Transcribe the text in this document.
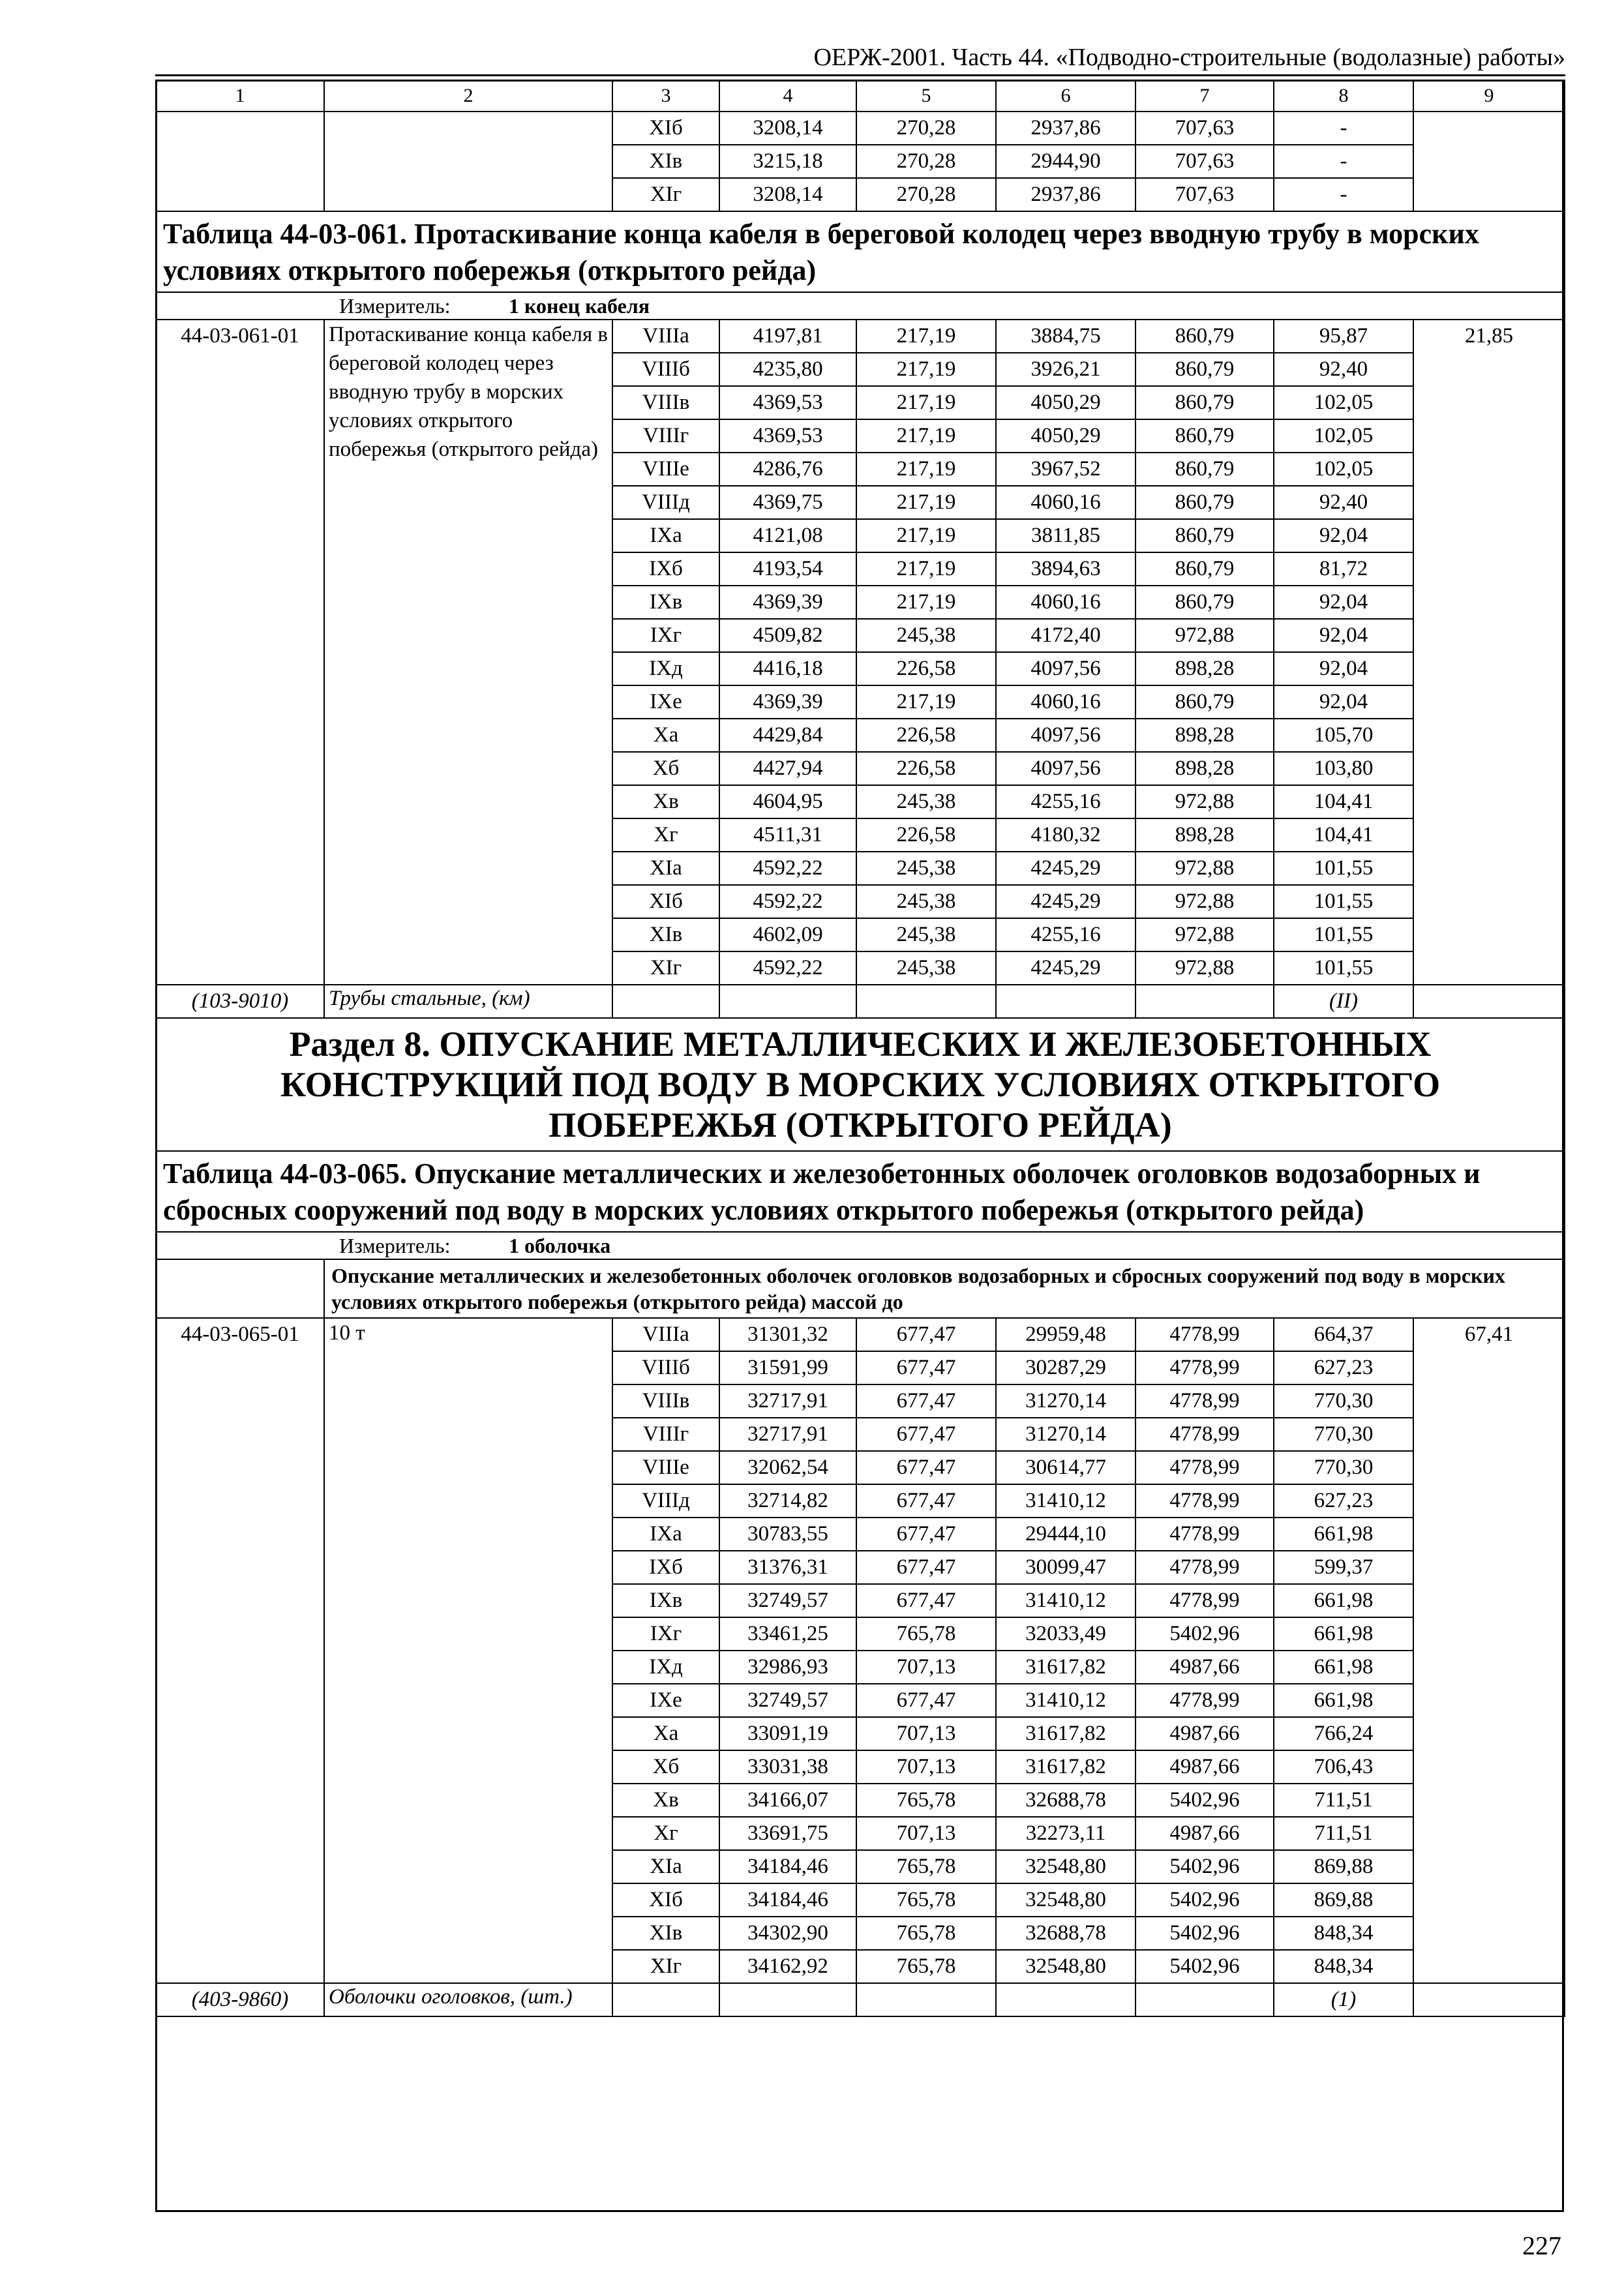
ОЕРЖ-2001. Часть 44. «Подводно-строительные (водолазные) работы»
1	2	3	4	5	6	7	8	9
		XIб	3208,14	270,28	2937,86	707,63	-	
		XIв	3215,18	270,28	2944,90	707,63	-	
		XIг	3208,14	270,28	2937,86	707,63	-	
Таблица 44-03-061. Протаскивание конца кабеля в береговой колодец через вводную трубу в морских условиях открытого побережья (открытого рейда)								
Измеритель: 1 конец кабеля								
44-03-061-01	Протаскивание конца кабеля в береговой колодец через вводную трубу в морских условиях открытого побережья (открытого рейда)	VIIIа	4197,81	217,19	3884,75	860,79	95,87	21,85
		VIIIб	4235,80	217,19	3926,21	860,79	92,40	
		VIIIв	4369,53	217,19	4050,29	860,79	102,05	
		VIIIг	4369,53	217,19	4050,29	860,79	102,05	
		VIIIе	4286,76	217,19	3967,52	860,79	102,05	
		VIIIд	4369,75	217,19	4060,16	860,79	92,40	
		IXа	4121,08	217,19	3811,85	860,79	92,04	
		IXб	4193,54	217,19	3894,63	860,79	81,72	
		IXв	4369,39	217,19	4060,16	860,79	92,04	
		IXг	4509,82	245,38	4172,40	972,88	92,04	
		IXд	4416,18	226,58	4097,56	898,28	92,04	
		IXе	4369,39	217,19	4060,16	860,79	92,04	
		Xа	4429,84	226,58	4097,56	898,28	105,70	
		Xб	4427,94	226,58	4097,56	898,28	103,80	
		Xв	4604,95	245,38	4255,16	972,88	104,41	
		Xг	4511,31	226,58	4180,32	898,28	104,41	
		XIа	4592,22	245,38	4245,29	972,88	101,55	
		XIб	4592,22	245,38	4245,29	972,88	101,55	
		XIв	4602,09	245,38	4255,16	972,88	101,55	
		XIг	4592,22	245,38	4245,29	972,88	101,55	
(103-9010)	Трубы стальные, (км)						(II)	
Раздел 8. ОПУСКАНИЕ МЕТАЛЛИЧЕСКИХ И ЖЕЛЕЗОБЕТОННЫХ КОНСТРУКЦИЙ ПОД ВОДУ В МОРСКИХ УСЛОВИЯХ ОТКРЫТОГО ПОБЕРЕЖЬЯ (ОТКРЫТОГО РЕЙДА)								
Таблица 44-03-065. Опускание металлических и железобетонных оболочек оголовков водозаборных и сбросных сооружений под воду в морских условиях открытого побережья (открытого рейда)								
Измеритель: 1 оболочка								
	Опускание металлических и железобетонных оболочек оголовков водозаборных и сбросных сооружений под воду в морских условиях открытого побережья (открытого рейда) массой до							
44-03-065-01	10 т	VIIIа	31301,32	677,47	29959,48	4778,99	664,37	67,41
		VIIIб	31591,99	677,47	30287,29	4778,99	627,23	
		VIIIв	32717,91	677,47	31270,14	4778,99	770,30	
		VIIIг	32717,91	677,47	31270,14	4778,99	770,30	
		VIIIе	32062,54	677,47	30614,77	4778,99	770,30	
		VIIIд	32714,82	677,47	31410,12	4778,99	627,23	
		IXа	30783,55	677,47	29444,10	4778,99	661,98	
		IXб	31376,31	677,47	30099,47	4778,99	599,37	
		IXв	32749,57	677,47	31410,12	4778,99	661,98	
		IXг	33461,25	765,78	32033,49	5402,96	661,98	
		IXд	32986,93	707,13	31617,82	4987,66	661,98	
		IXе	32749,57	677,47	31410,12	4778,99	661,98	
		Xа	33091,19	707,13	31617,82	4987,66	766,24	
		Xб	33031,38	707,13	31617,82	4987,66	706,43	
		Xв	34166,07	765,78	32688,78	5402,96	711,51	
		Xг	33691,75	707,13	32273,11	4987,66	711,51	
		XIа	34184,46	765,78	32548,80	5402,96	869,88	
		XIб	34184,46	765,78	32548,80	5402,96	869,88	
		XIв	34302,90	765,78	32688,78	5402,96	848,34	
		XIг	34162,92	765,78	32548,80	5402,96	848,34	
(403-9860)	Оболочки оголовков, (шт.)						(1)	
227
